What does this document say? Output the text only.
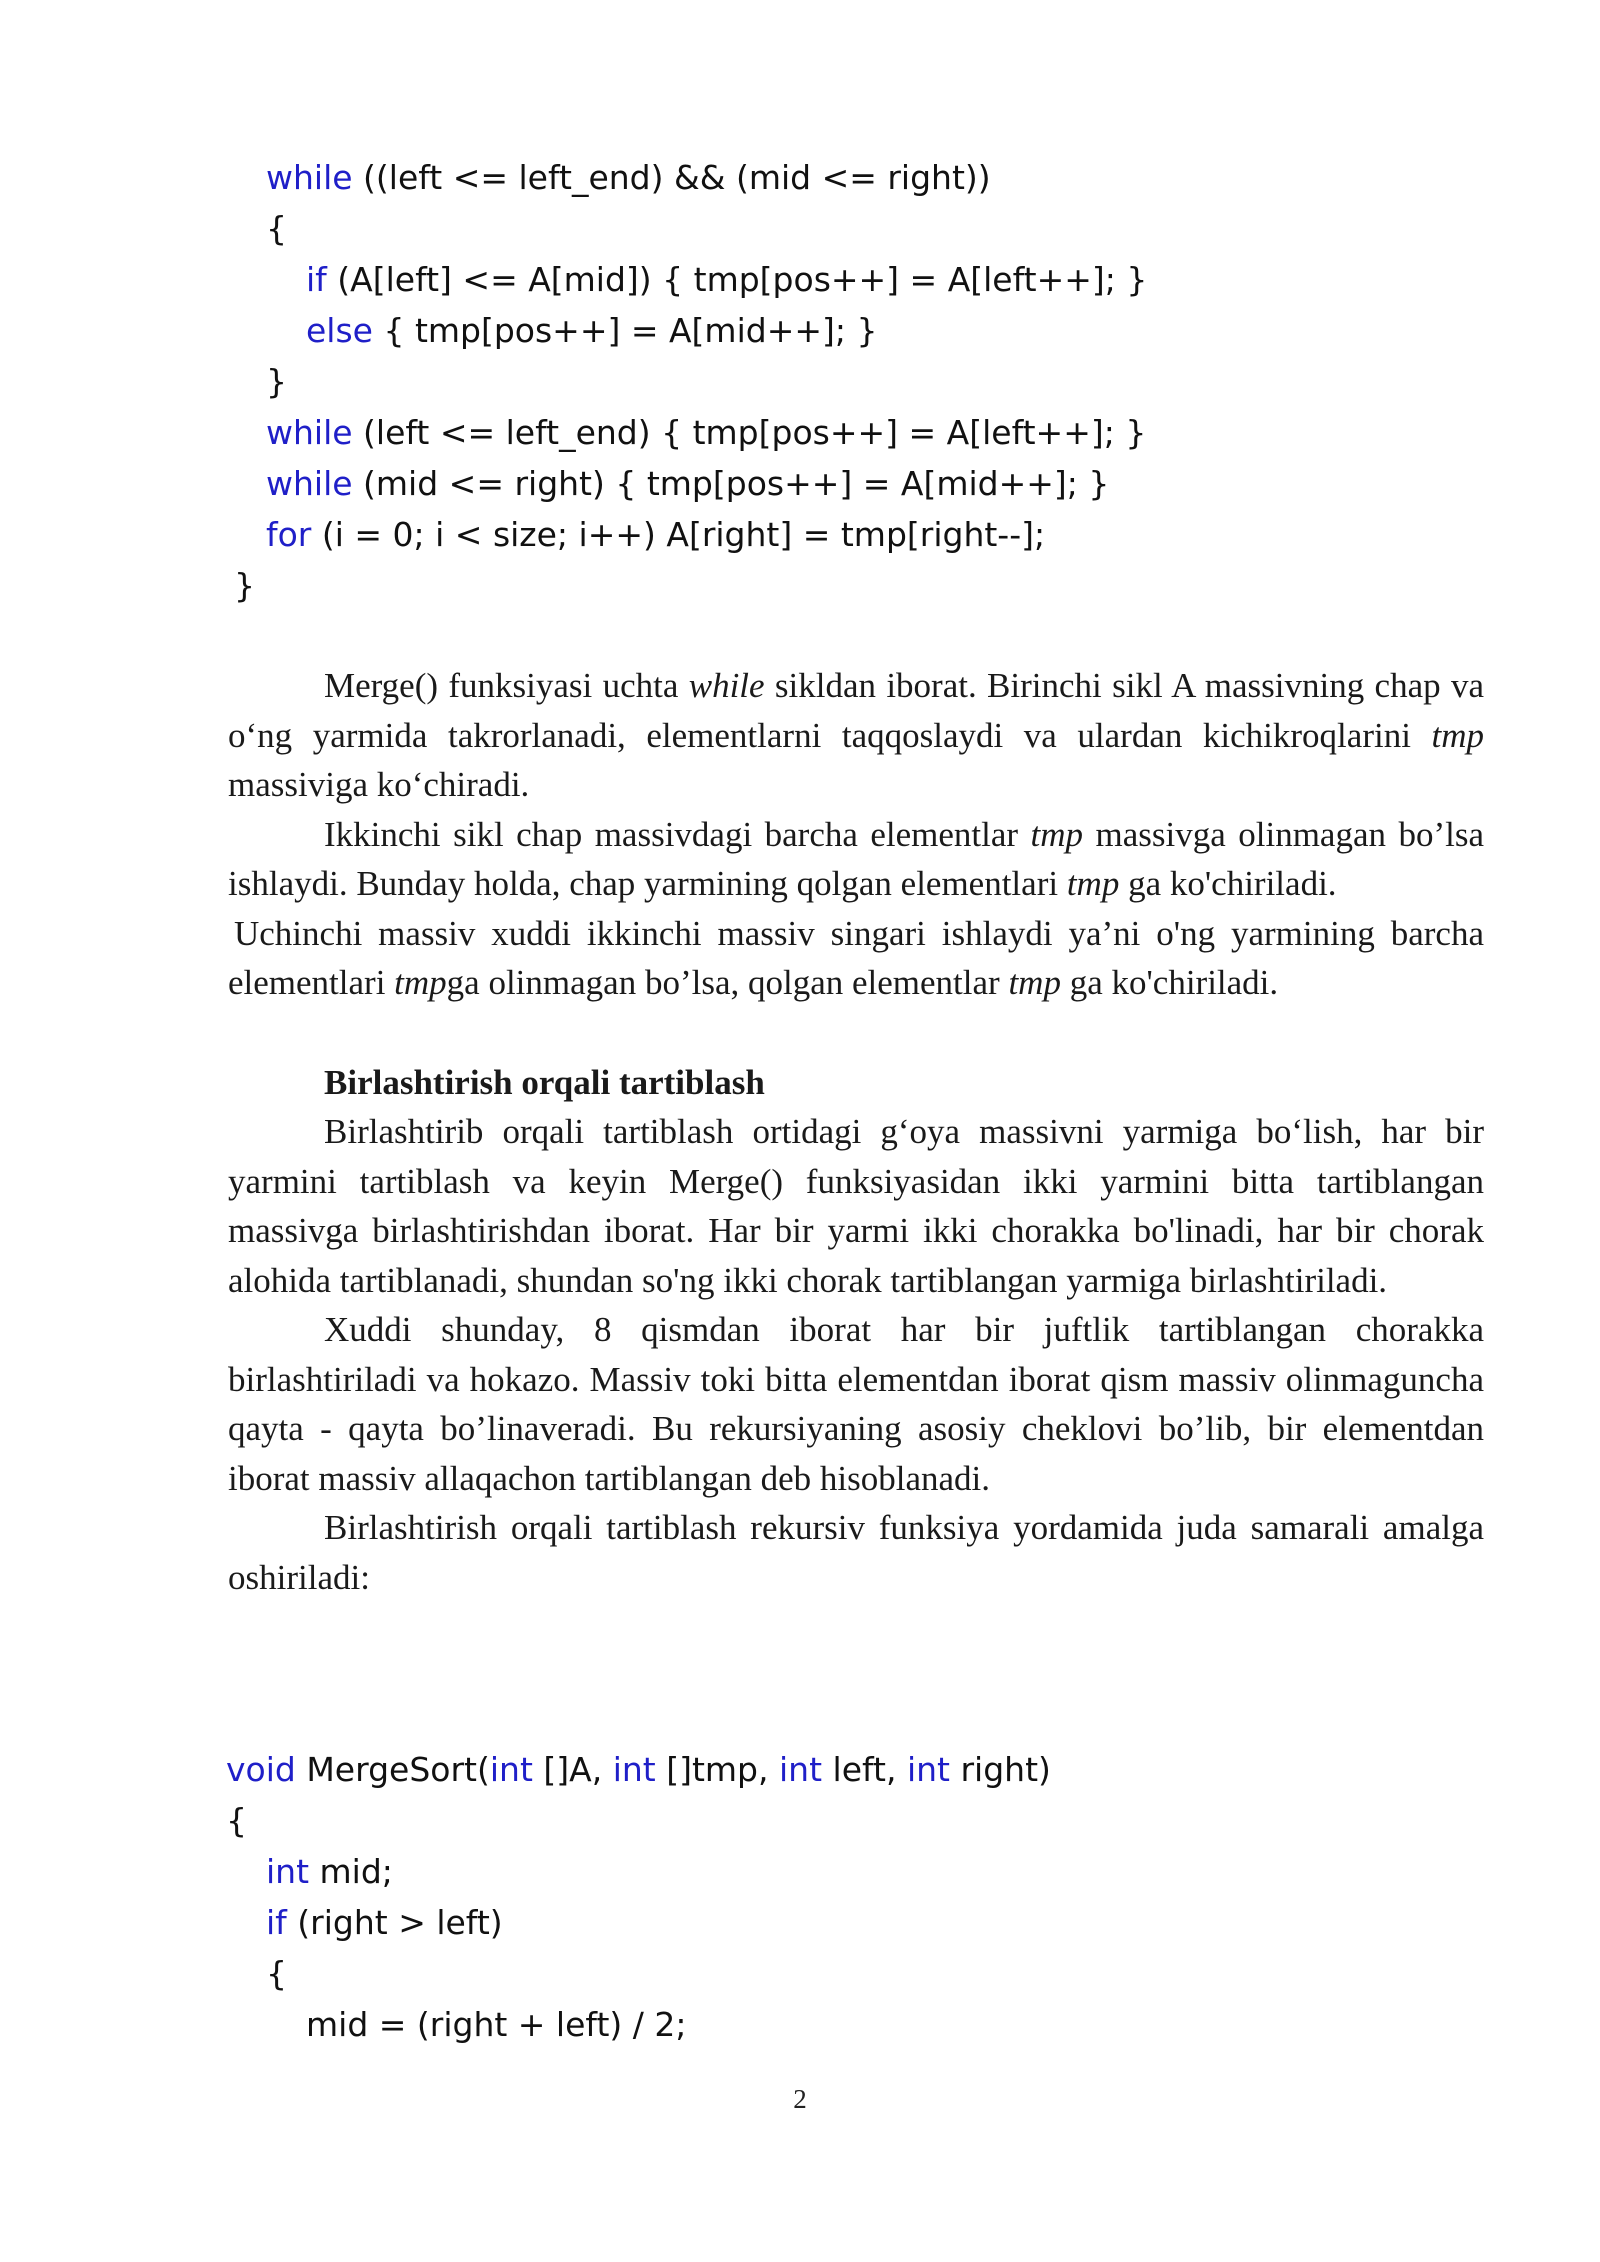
while ((left <= left_end) && (mid <= right))
{
if (A[left] <= A[mid]) { tmp[pos++] = A[left++]; }
else { tmp[pos++] = A[mid++]; }
}
while (left <= left_end) { tmp[pos++] = A[left++]; }
while (mid <= right) { tmp[pos++] = A[mid++]; }
for (i = 0; i < size; i++) A[right] = tmp[right--];
}

Merge() funksiyasi uchta while sikldan iborat. Birinchi sikl A massivning chap va o‘ng yarmida takrorlanadi, elementlarni taqqoslaydi va ulardan kichikroqlarini tmp massiviga ko‘chiradi.

Ikkinchi sikl chap massivdagi barcha elementlar tmp massivga olinmagan bo’lsa ishlaydi. Bunday holda, chap yarmining qolgan elementlari tmp ga ko'chiriladi.

Uchinchi massiv xuddi ikkinchi massiv singari ishlaydi ya’ni o'ng yarmining barcha elementlari tmpga olinmagan bo’lsa, qolgan elementlar tmp ga ko'chiriladi.

Birlashtirish orqali tartiblash

Birlashtirib orqali tartiblash ortidagi g‘oya massivni yarmiga bo‘lish, har bir yarmini tartiblash va keyin Merge() funksiyasidan ikki yarmini bitta tartiblangan massivga birlashtirishdan iborat. Har bir yarmi ikki chorakka bo'linadi, har bir chorak alohida tartiblanadi, shundan so'ng ikki chorak tartiblangan yarmiga birlashtiriladi.

Xuddi shunday, 8 qismdan iborat har bir juftlik tartiblangan chorakka birlashtiriladi va hokazo. Massiv toki bitta elementdan iborat qism massiv olinmaguncha qayta - qayta bo’linaveradi. Bu rekursiyaning asosiy cheklovi bo’lib, bir elementdan iborat massiv allaqachon tartiblangan deb hisoblanadi.

Birlashtirish orqali tartiblash rekursiv funksiya yordamida juda samarali amalga oshiriladi:

void MergeSort(int []A, int []tmp, int left, int right)
{
int mid;
if (right > left)
{
mid = (right + left) / 2;
2
